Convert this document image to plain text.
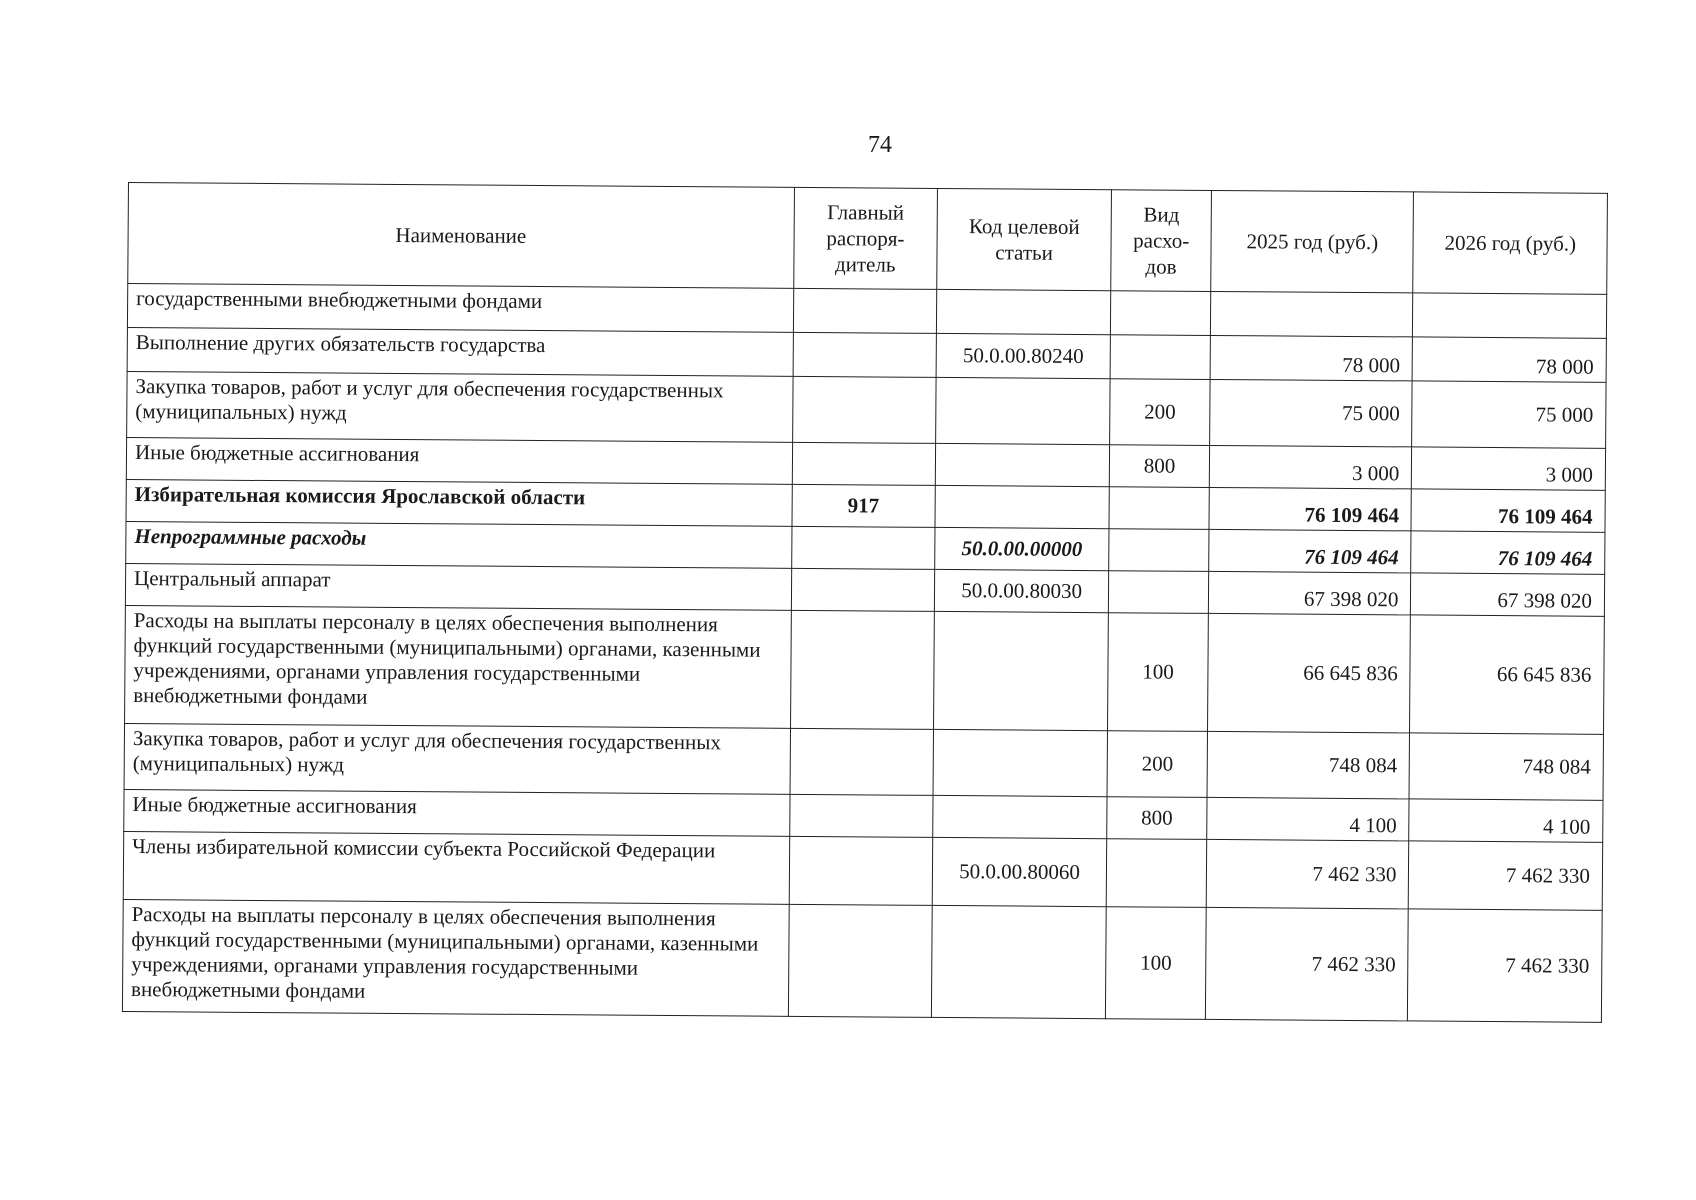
74
Наименование	Главный распоря-дитель	Код целевой статьи	Вид расхо-дов	2025 год (руб.)	2026 год (руб.)
государственными внебюджетными фондами					
Выполнение других обязательств государства		50.0.00.80240		78 000	78 000
Закупка товаров, работ и услуг для обеспечения государственных (муниципальных) нужд			200	75 000	75 000
Иные бюджетные ассигнования			800	3 000	3 000
Избирательная комиссия Ярославской области	917			76 109 464	76 109 464
Непрограммные расходы		50.0.00.00000		76 109 464	76 109 464
Центральный аппарат		50.0.00.80030		67 398 020	67 398 020
Расходы на выплаты персоналу в целях обеспечения выполнения функций государственными (муниципальными) органами, казенными учреждениями, органами управления государственными внебюджетными фондами			100	66 645 836	66 645 836
Закупка товаров, работ и услуг для обеспечения государственных (муниципальных) нужд			200	748 084	748 084
Иные бюджетные ассигнования			800	4 100	4 100
Члены избирательной комиссии субъекта Российской Федерации		50.0.00.80060		7 462 330	7 462 330
Расходы на выплаты персоналу в целях обеспечения выполнения функций государственными (муниципальными) органами, казенными учреждениями, органами управления государственными внебюджетными фондами			100	7 462 330	7 462 330
